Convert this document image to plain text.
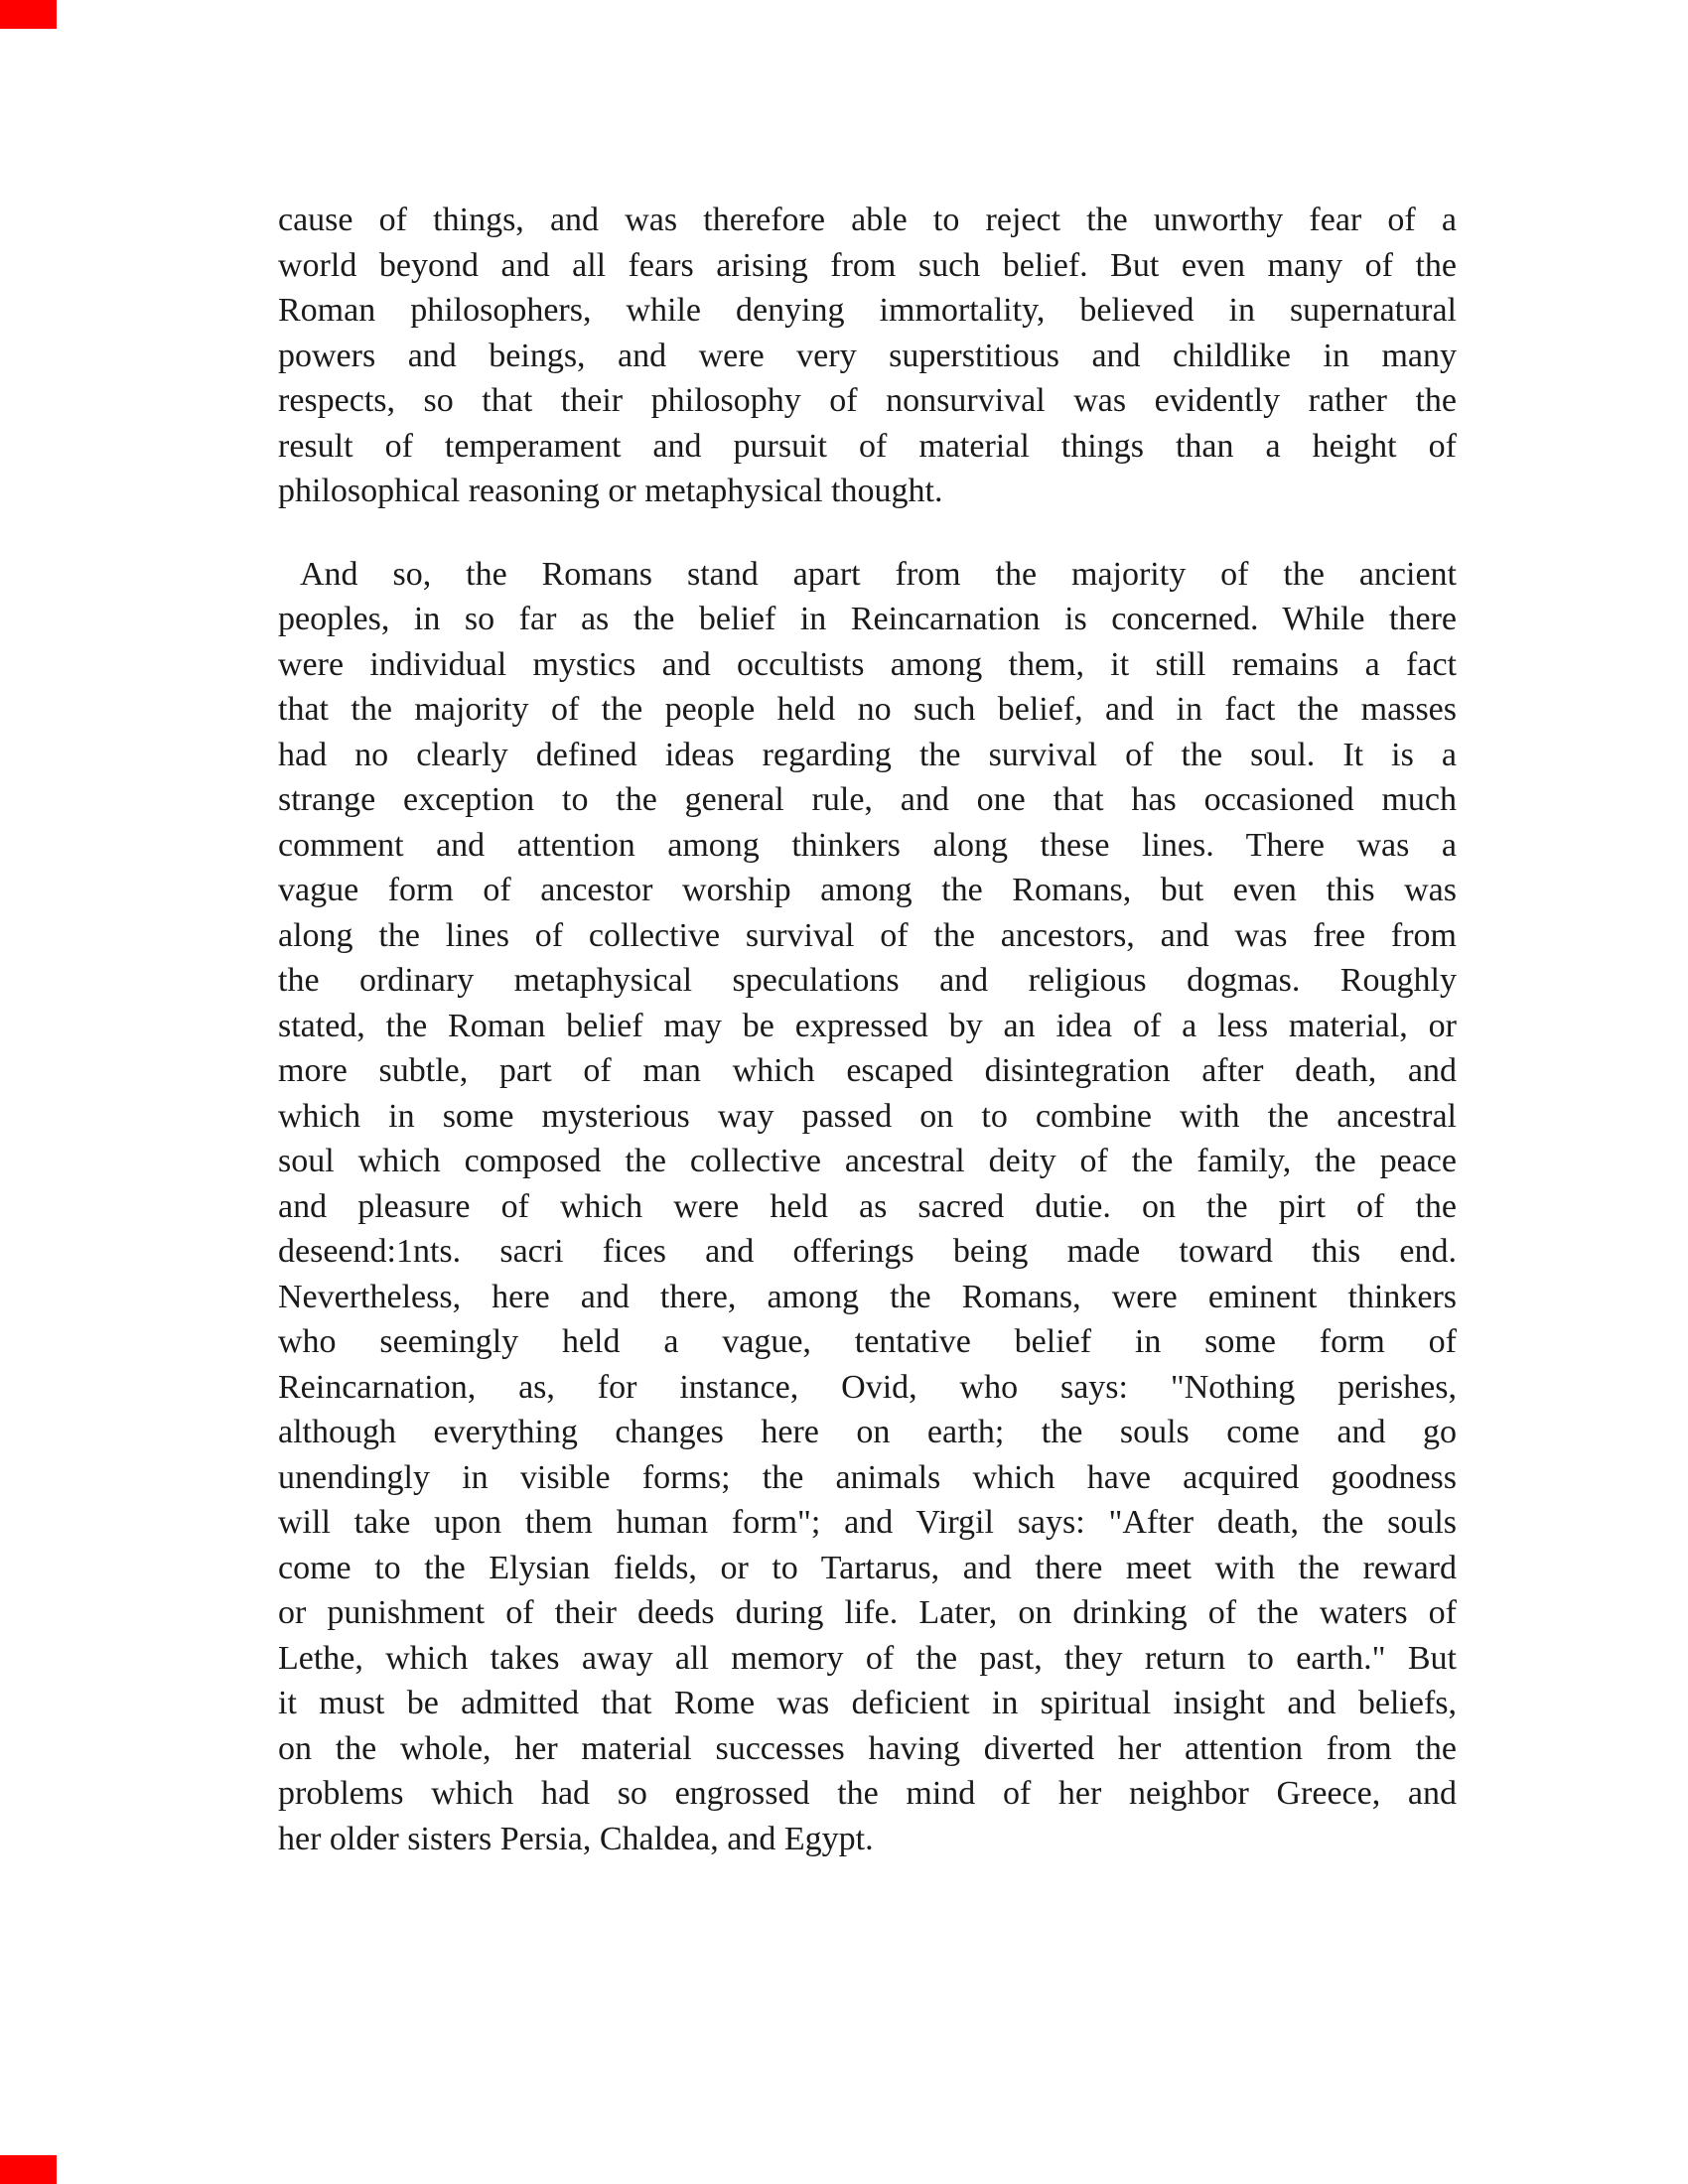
cause of things, and was therefore able to reject the unworthy fear of a
world beyond and all fears arising from such belief. But even many of the
Roman philosophers, while denying immortality, believed in supernatural
powers and beings, and were very superstitious and childlike in many
respects, so that their philosophy of nonsurvival was evidently rather the
result of temperament and pursuit of material things than a height of
philosophical reasoning or metaphysical thought.
And so, the Romans stand apart from the majority of the ancient
peoples, in so far as the belief in Reincarnation is concerned. While there
were individual mystics and occultists among them, it still remains a fact
that the majority of the people held no such belief, and in fact the masses
had no clearly defined ideas regarding the survival of the soul. It is a
strange exception to the general rule, and one that has occasioned much
comment and attention among thinkers along these lines. There was a
vague form of ancestor worship among the Romans, but even this was
along the lines of collective survival of the ancestors, and was free from
the ordinary metaphysical speculations and religious dogmas. Roughly
stated, the Roman belief may be expressed by an idea of a less material, or
more subtle, part of man which escaped disintegration after death, and
which in some mysterious way passed on to combine with the ancestral
soul which composed the collective ancestral deity of the family, the peace
and pleasure of which were held as sacred dutie. on the pirt of the
deseend:1nts. sacri fices and offerings being made toward this end.
Nevertheless, here and there, among the Romans, were eminent thinkers
who seemingly held a vague, tentative belief in some form of
Reincarnation, as, for instance, Ovid, who says: "Nothing perishes,
although everything changes here on earth; the souls come and go
unendingly in visible forms; the animals which have acquired goodness
will take upon them human form"; and Virgil says: "After death, the souls
come to the Elysian fields, or to Tartarus, and there meet with the reward
or punishment of their deeds during life. Later, on drinking of the waters of
Lethe, which takes away all memory of the past, they return to earth." But
it must be admitted that Rome was deficient in spiritual insight and beliefs,
on the whole, her material successes having diverted her attention from the
problems which had so engrossed the mind of her neighbor Greece, and
her older sisters Persia, Chaldea, and Egypt.
